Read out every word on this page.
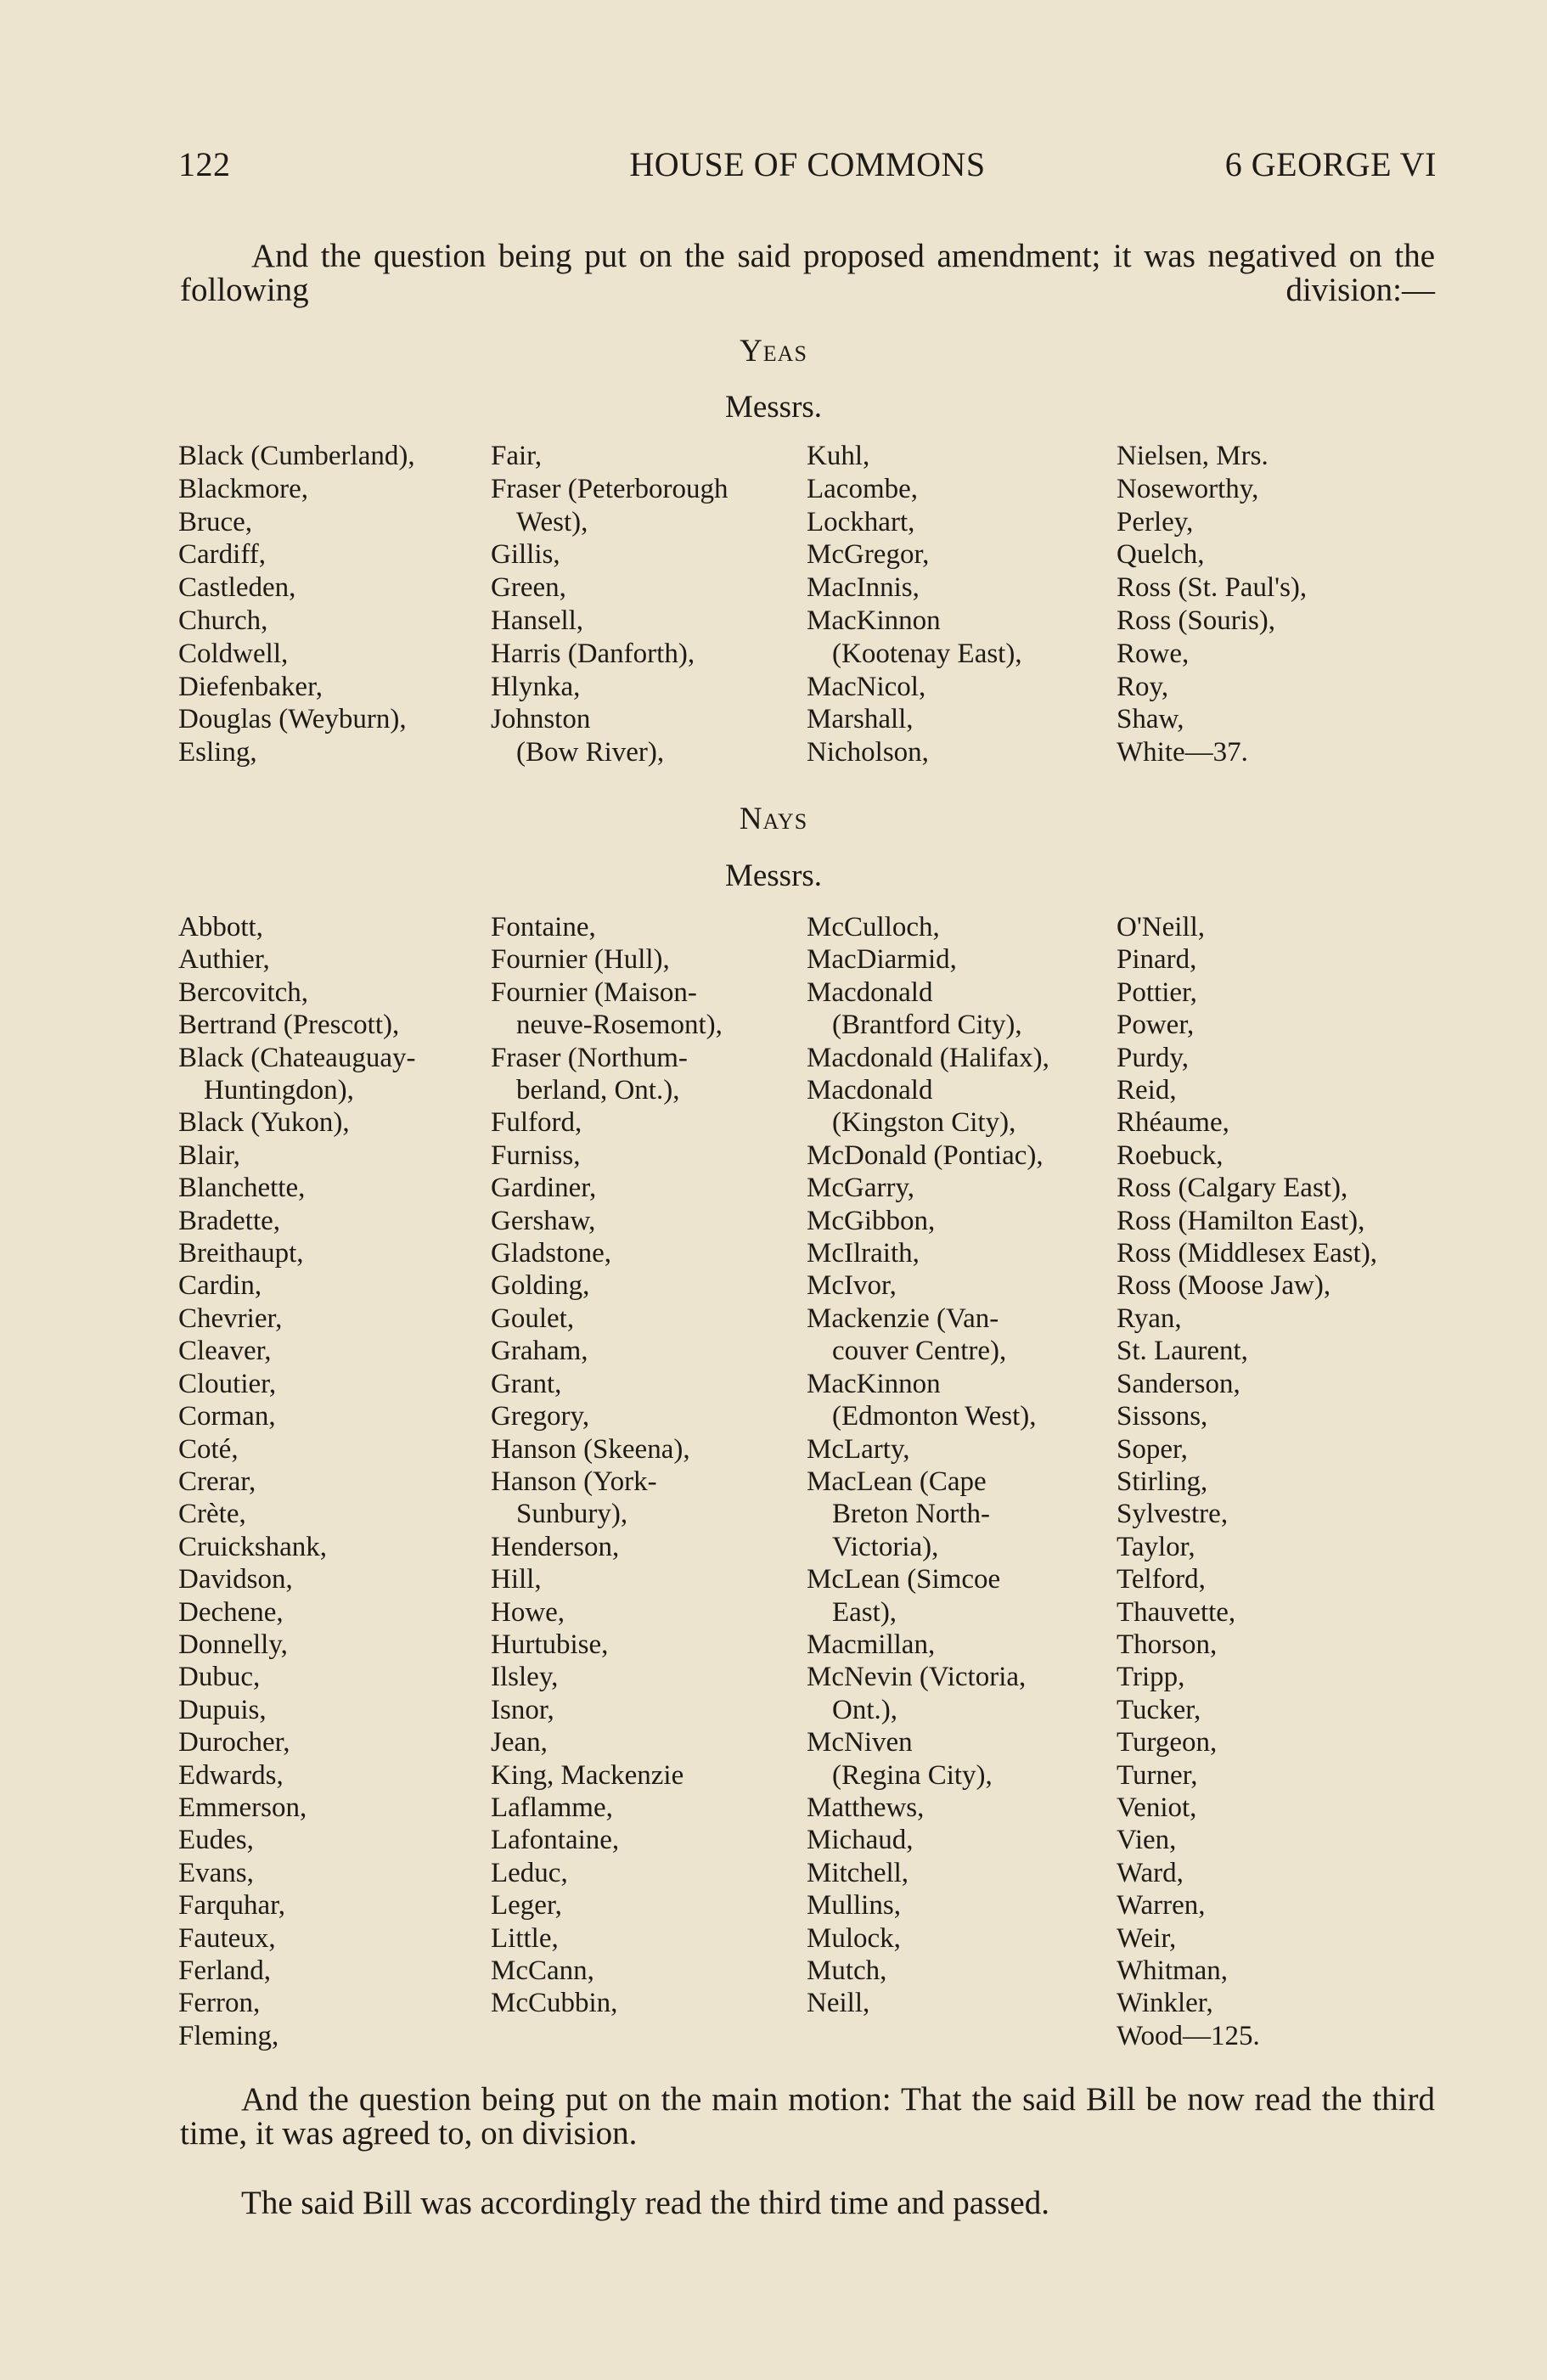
122	HOUSE OF COMMONS	6 GEORGE VI

And the question being put on the said proposed amendment; it was negatived on the following division:—

Yeas
Messrs.
Black (Cumberland),
Blackmore,
Bruce,
Cardiff,
Castleden,
Church,
Coldwell,
Diefenbaker,
Douglas (Weyburn),
Esling,
Fair,
Fraser (Peterborough
West),
Gillis,
Green,
Hansell,
Harris (Danforth),
Hlynka,
Johnston
(Bow River),
Kuhl,
Lacombe,
Lockhart,
McGregor,
MacInnis,
MacKinnon
(Kootenay East),
MacNicol,
Marshall,
Nicholson,
Nielsen, Mrs.
Noseworthy,
Perley,
Quelch,
Ross (St. Paul's),
Ross (Souris),
Rowe,
Roy,
Shaw,
White—37.
Nays
Messrs.
Abbott,
Authier,
Bercovitch,
Bertrand (Prescott),
Black (Chateauguay-
Huntingdon),
Black (Yukon),
Blair,
Blanchette,
Bradette,
Breithaupt,
Cardin,
Chevrier,
Cleaver,
Cloutier,
Corman,
Coté,
Crerar,
Crète,
Cruickshank,
Davidson,
Dechene,
Donnelly,
Dubuc,
Dupuis,
Durocher,
Edwards,
Emmerson,
Eudes,
Evans,
Farquhar,
Fauteux,
Ferland,
Ferron,
Fleming,
Fontaine,
Fournier (Hull),
Fournier (Maison-
neuve-Rosemont),
Fraser (Northum-
berland, Ont.),
Fulford,
Furniss,
Gardiner,
Gershaw,
Gladstone,
Golding,
Goulet,
Graham,
Grant,
Gregory,
Hanson (Skeena),
Hanson (York-
Sunbury),
Henderson,
Hill,
Howe,
Hurtubise,
Ilsley,
Isnor,
Jean,
King, Mackenzie
Laflamme,
Lafontaine,
Leduc,
Leger,
Little,
McCann,
McCubbin,
McCulloch,
MacDiarmid,
Macdonald
(Brantford City),
Macdonald (Halifax),
Macdonald
(Kingston City),
McDonald (Pontiac),
McGarry,
McGibbon,
McIlraith,
McIvor,
Mackenzie (Van-
couver Centre),
MacKinnon
(Edmonton West),
McLarty,
MacLean (Cape
Breton North-
Victoria),
McLean (Simcoe
East),
Macmillan,
McNevin (Victoria,
Ont.),
McNiven
(Regina City),
Matthews,
Michaud,
Mitchell,
Mullins,
Mulock,
Mutch,
Neill,
O'Neill,
Pinard,
Pottier,
Power,
Purdy,
Reid,
Rhéaume,
Roebuck,
Ross (Calgary East),
Ross (Hamilton East),
Ross (Middlesex East),
Ross (Moose Jaw),
Ryan,
St. Laurent,
Sanderson,
Sissons,
Soper,
Stirling,
Sylvestre,
Taylor,
Telford,
Thauvette,
Thorson,
Tripp,
Tucker,
Turgeon,
Turner,
Veniot,
Vien,
Ward,
Warren,
Weir,
Whitman,
Winkler,
Wood—125.

And the question being put on the main motion: That the said Bill be now read the third time, it was agreed to, on division.

The said Bill was accordingly read the third time and passed.
